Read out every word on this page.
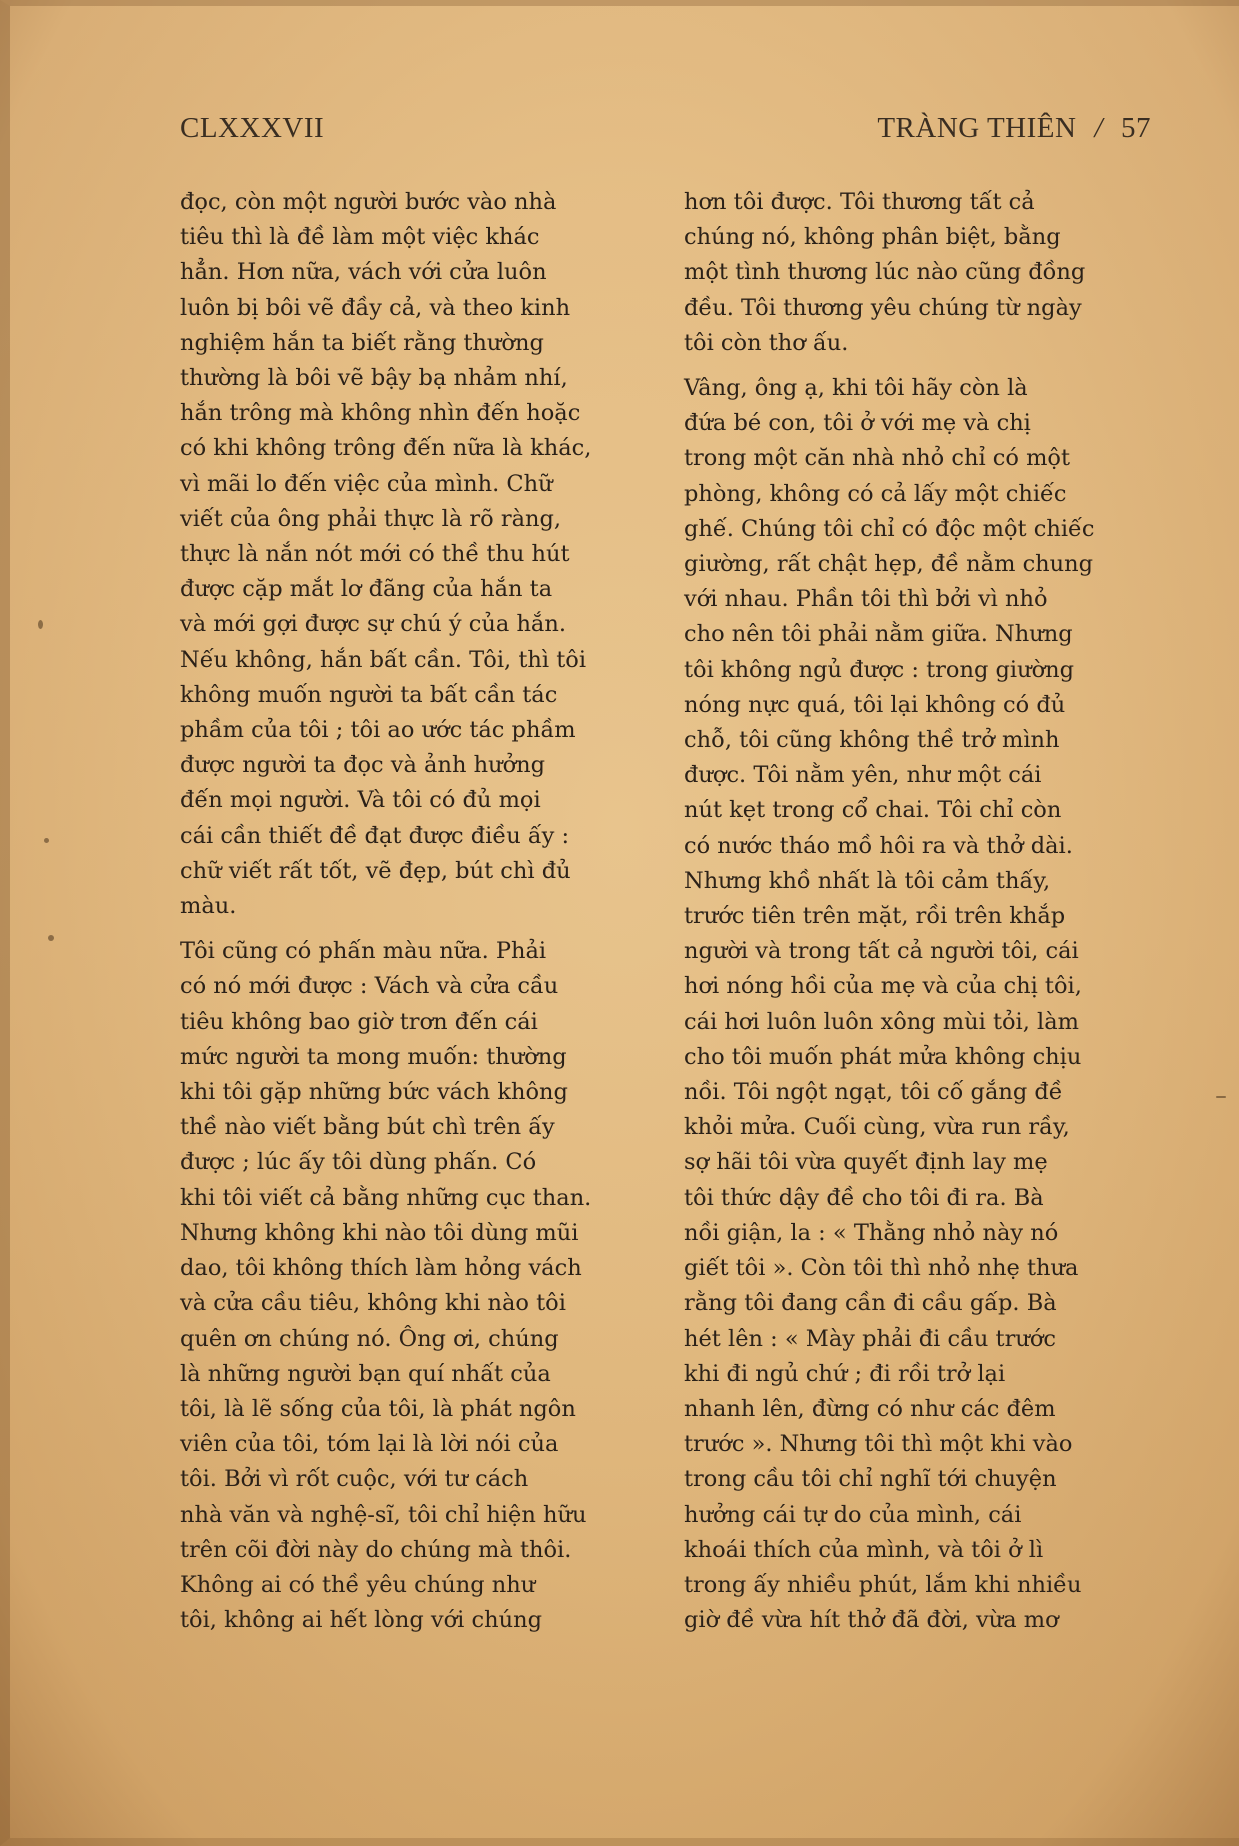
CLXXXVII	TRÀNG THIÊN / 57

đọc, còn một người bước vào nhà
tiêu thì là đề làm một việc khác
hẳn. Hơn nữa, vách với cửa luôn
luôn bị bôi vẽ đầy cả, và theo kinh
nghiệm hắn ta biết rằng thường
thường là bôi vẽ bậy bạ nhảm nhí,
hắn trông mà không nhìn đến hoặc
có khi không trông đến nữa là khác,
vì mãi lo đến việc của mình. Chữ
viết của ông phải thực là rõ ràng,
thực là nắn nót mới có thề thu hút
được cặp mắt lơ đãng của hắn ta
và mới gợi được sự chú ý của hắn.
Nếu không, hắn bất cần. Tôi, thì tôi
không muốn người ta bất cần tác
phầm của tôi ; tôi ao ước tác phầm
được người ta đọc và ảnh hưởng
đến mọi người. Và tôi có đủ mọi
cái cần thiết đề đạt được điều ấy :
chữ viết rất tốt, vẽ đẹp, bút chì đủ
màu.

Tôi cũng có phấn màu nữa. Phải
có nó mới được : Vách và cửa cầu
tiêu không bao giờ trơn đến cái
mức người ta mong muốn: thường
khi tôi gặp những bức vách không
thề nào viết bằng bút chì trên ấy
được ; lúc ấy tôi dùng phấn. Có
khi tôi viết cả bằng những cục than.
Nhưng không khi nào tôi dùng mũi
dao, tôi không thích làm hỏng vách
và cửa cầu tiêu, không khi nào tôi
quên ơn chúng nó. Ông ơi, chúng
là những người bạn quí nhất của
tôi, là lẽ sống của tôi, là phát ngôn
viên của tôi, tóm lại là lời nói của
tôi. Bởi vì rốt cuộc, với tư cách
nhà văn và nghệ-sĩ, tôi chỉ hiện hữu
trên cõi đời này do chúng mà thôi.
Không ai có thề yêu chúng như
tôi, không ai hết lòng với chúng

hơn tôi được. Tôi thương tất cả
chúng nó, không phân biệt, bằng
một tình thương lúc nào cũng đồng
đều. Tôi thương yêu chúng từ ngày
tôi còn thơ ấu.

Vâng, ông ạ, khi tôi hãy còn là
đứa bé con, tôi ở với mẹ và chị
trong một căn nhà nhỏ chỉ có một
phòng, không có cả lấy một chiếc
ghế. Chúng tôi chỉ có độc một chiếc
giường, rất chật hẹp, đề nằm chung
với nhau. Phần tôi thì bởi vì nhỏ
cho nên tôi phải nằm giữa. Nhưng
tôi không ngủ được : trong giường
nóng nực quá, tôi lại không có đủ
chỗ, tôi cũng không thề trở mình
được. Tôi nằm yên, như một cái
nút kẹt trong cổ chai. Tôi chỉ còn
có nước tháo mồ hôi ra và thở dài.
Nhưng khồ nhất là tôi cảm thấy,
trước tiên trên mặt, rồi trên khắp
người và trong tất cả người tôi, cái
hơi nóng hồi của mẹ và của chị tôi,
cái hơi luôn luôn xông mùi tỏi, làm
cho tôi muốn phát mửa không chịu
nồi. Tôi ngột ngạt, tôi cố gắng đề
khỏi mửa. Cuối cùng, vừa run rầy,
sợ hãi tôi vừa quyết định lay mẹ
tôi thức dậy đề cho tôi đi ra. Bà
nồi giận, la : « Thằng nhỏ này nó
giết tôi ». Còn tôi thì nhỏ nhẹ thưa
rằng tôi đang cần đi cầu gấp. Bà
hét lên : « Mày phải đi cầu trước
khi đi ngủ chứ ; đi rồi trở lại
nhanh lên, đừng có như các đêm
trước ». Nhưng tôi thì một khi vào
trong cầu tôi chỉ nghĩ tới chuyện
hưởng cái tự do của mình, cái
khoái thích của mình, và tôi ở lì
trong ấy nhiều phút, lắm khi nhiều
giờ đề vừa hít thở đã đời, vừa mơ
